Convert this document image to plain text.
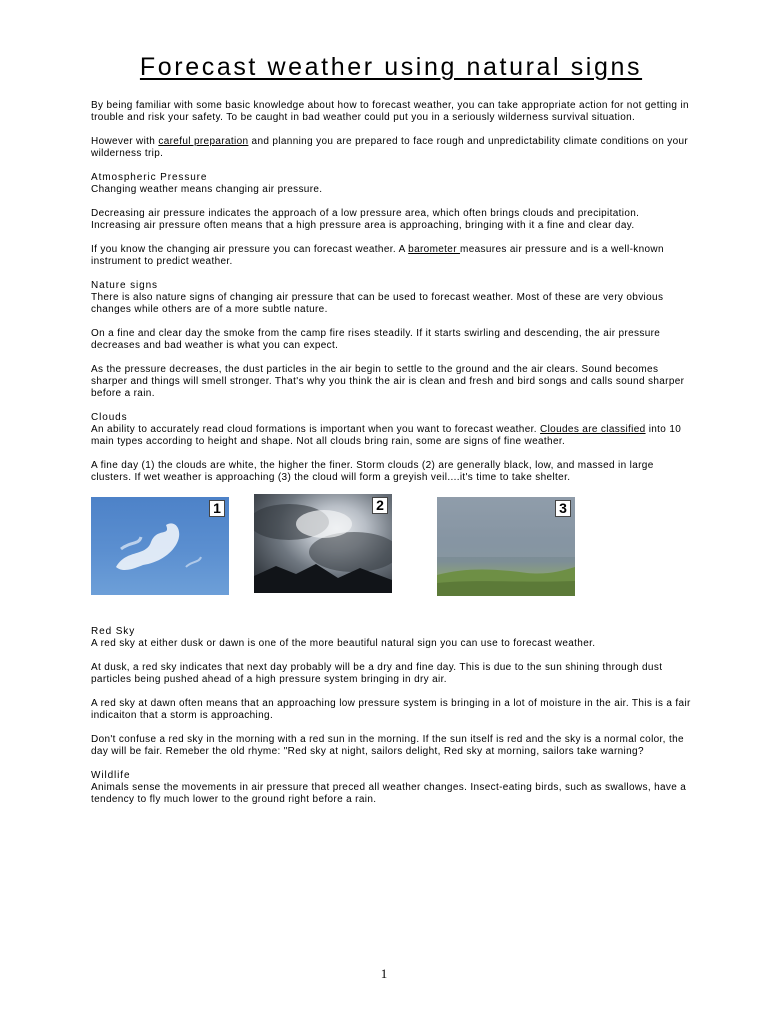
Forecast weather using natural signs

By being familiar with some basic knowledge about how to forecast weather, you can take appropriate action for not getting in trouble and risk your safety. To be caught in bad weather could put you in a seriously wilderness survival situation.

However with careful preparation and planning you are prepared to face rough and unpredictability climate conditions on your wilderness trip.

Atmospheric Pressure

Changing weather means changing air pressure.

Decreasing air pressure indicates the approach of a low pressure area, which often brings clouds and precipitation. Increasing air pressure often means that a high pressure area is approaching, bringing with it a fine and clear day.

If you know the changing air pressure you can forecast weather. A barometer measures air pressure and is a well-known instrument to predict weather.

Nature signs

There is also nature signs of changing air pressure that can be used to forecast weather. Most of these are very obvious changes while others are of a more subtle nature.

On a fine and clear day the smoke from the camp fire rises steadily. If it starts swirling and descending, the air pressure decreases and bad weather is what you can expect.

As the pressure decreases, the dust particles in the air begin to settle to the ground and the air clears. Sound becomes sharper and things will smell stronger. That's why you think the air is clean and fresh and bird songs and calls sound sharper before a rain.

Clouds

An ability to accurately read cloud formations is important when you want to forecast weather. Cloudes are classified into 10 main types according to height and shape. Not all clouds bring rain, some are signs of fine weather.

A fine day (1) the clouds are white, the higher the finer. Storm clouds (2) are generally black, low, and massed in large clusters. If wet weather is approaching (3) the cloud will form a greyish veil....it's time to take shelter.

1	2	3
Red Sky

A red sky at either dusk or dawn is one of the more beautiful natural sign you can use to forecast weather.

At dusk, a red sky indicates that next day probably will be a dry and fine day. This is due to the sun shining through dust particles being pushed ahead of a high pressure system bringing in dry air.

A red sky at dawn often means that an approaching low pressure system is bringing in a lot of moisture in the air. This is a fair indicaiton that a storm is approaching.

Don't confuse a red sky in the morning with a red sun in the morning. If the sun itself is red and the sky is a normal color, the day will be fair. Remeber the old rhyme: "Red sky at night, sailors delight, Red sky at morning, sailors take warning?

Wildlife

Animals sense the movements in air pressure that preced all weather changes. Insect-eating birds, such as swallows, have a tendency to fly much lower to the ground right before a rain.

1
